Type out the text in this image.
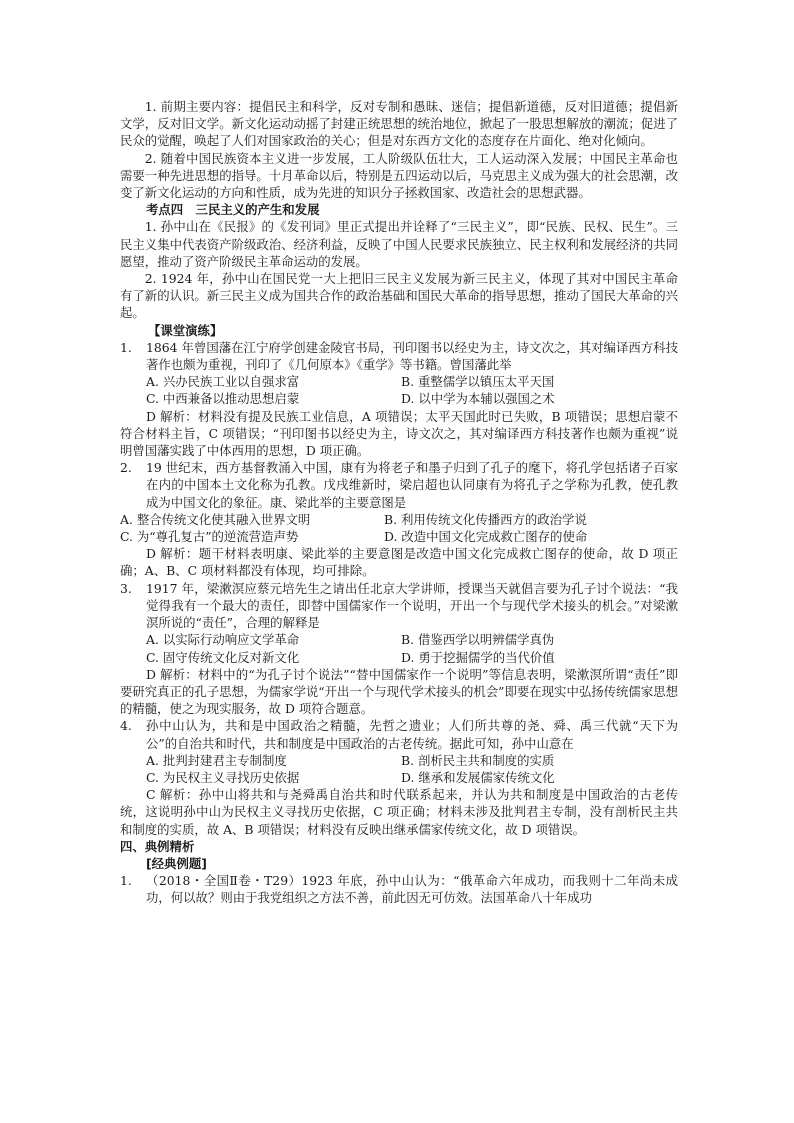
1. 前期主要内容：提倡民主和科学，反对专制和愚昧、迷信；提倡新道德，反对旧道德；提倡新文学，反对旧文学。新文化运动动摇了封建正统思想的统治地位，掀起了一股思想解放的潮流；促进了民众的觉醒，唤起了人们对国家政治的关心；但是对东西方文化的态度存在片面化、绝对化倾向。

2. 随着中国民族资本主义进一步发展，工人阶级队伍壮大，工人运动深入发展；中国民主革命也需要一种先进思想的指导。十月革命以后，特别是五四运动以后，马克思主义成为强大的社会思潮，改变了新文化运动的方向和性质，成为先进的知识分子拯救国家、改造社会的思想武器。

考点四　三民主义的产生和发展

1. 孙中山在《民报》的《发刊词》里正式提出并诠释了“三民主义”，即“民族、民权、民生”。三民主义集中代表资产阶级政治、经济利益，反映了中国人民要求民族独立、民主权利和发展经济的共同愿望，推动了资产阶级民主革命运动的发展。

2. 1924 年，孙中山在国民党一大上把旧三民主义发展为新三民主义，体现了其对中国民主革命有了新的认识。新三民主义成为国共合作的政治基础和国民大革命的指导思想，推动了国民大革命的兴起。

【课堂演练】

1.	1864 年曾国藩在江宁府学创建金陵官书局，刊印图书以经史为主，诗文次之，其对编译西方科技著作也颇为重视，刊印了《几何原本》《重学》等书籍。曾国藩此举
A. 兴办民族工业以自强求富	B. 重整儒学以镇压太平天国
C. 中西兼备以推动思想启蒙	D. 以中学为本辅以强国之术

D 解析：材料没有提及民族工业信息，A 项错误；太平天国此时已失败，B 项错误；思想启蒙不符合材料主旨，C 项错误；“刊印图书以经史为主，诗文次之，其对编译西方科技著作也颇为重视”说明曾国藩实践了中体西用的思想，D 项正确。

2.	19 世纪末，西方基督教涌入中国，康有为将老子和墨子归到了孔子的麾下，将孔学包括诸子百家在内的中国本土文化称为孔教。戊戌维新时，梁启超也认同康有为将孔子之学称为孔教，使孔教成为中国文化的象征。康、梁此举的主要意图是
A. 整合传统文化使其融入世界文明	B. 利用传统文化传播西方的政治学说
C. 为“尊孔复古”的逆流营造声势	D. 改造中国文化完成救亡图存的使命

D 解析：题干材料表明康、梁此举的主要意图是改造中国文化完成救亡图存的使命，故 D 项正确；A、B、C 项材料都没有体现，均可排除。

3.	1917 年，梁漱溟应蔡元培先生之请出任北京大学讲师，授课当天就倡言要为孔子讨个说法：“我觉得我有一个最大的责任，即替中国儒家作一个说明，开出一个与现代学术接头的机会。”对梁漱溟所说的“责任”，合理的解释是
A. 以实际行动响应文学革命	B. 借鉴西学以明辨儒学真伪
C. 固守传统文化反对新文化	D. 勇于挖掘儒学的当代价值

D 解析：材料中的“为孔子讨个说法”“替中国儒家作一个说明”等信息表明，梁漱溟所谓“责任”即要研究真正的孔子思想，为儒家学说“开出一个与现代学术接头的机会”即要在现实中弘扬传统儒家思想的精髓，使之为现实服务，故 D 项符合题意。

4.	孙中山认为，共和是中国政治之精髓，先哲之遗业；人们所共尊的尧、舜、禹三代就“天下为公”的自治共和时代，共和制度是中国政治的古老传统。据此可知，孙中山意在
A. 批判封建君主专制制度	B. 剖析民主共和制度的实质
C. 为民权主义寻找历史依据	D. 继承和发展儒家传统文化

C 解析：孙中山将共和与尧舜禹自治共和时代联系起来，并认为共和制度是中国政治的古老传统，这说明孙中山为民权主义寻找历史依据，C 项正确；材料未涉及批判君主专制，没有剖析民主共和制度的实质，故 A、B 项错误；材料没有反映出继承儒家传统文化，故 D 项错误。

四、典例精析

[经典例题]

1.	（2018・全国Ⅱ卷・T29）1923 年底，孙中山认为：“俄革命六年成功，而我则十二年尚未成功，何以故？则由于我党组织之方法不善，前此因无可仿效。法国革命八十年成功
